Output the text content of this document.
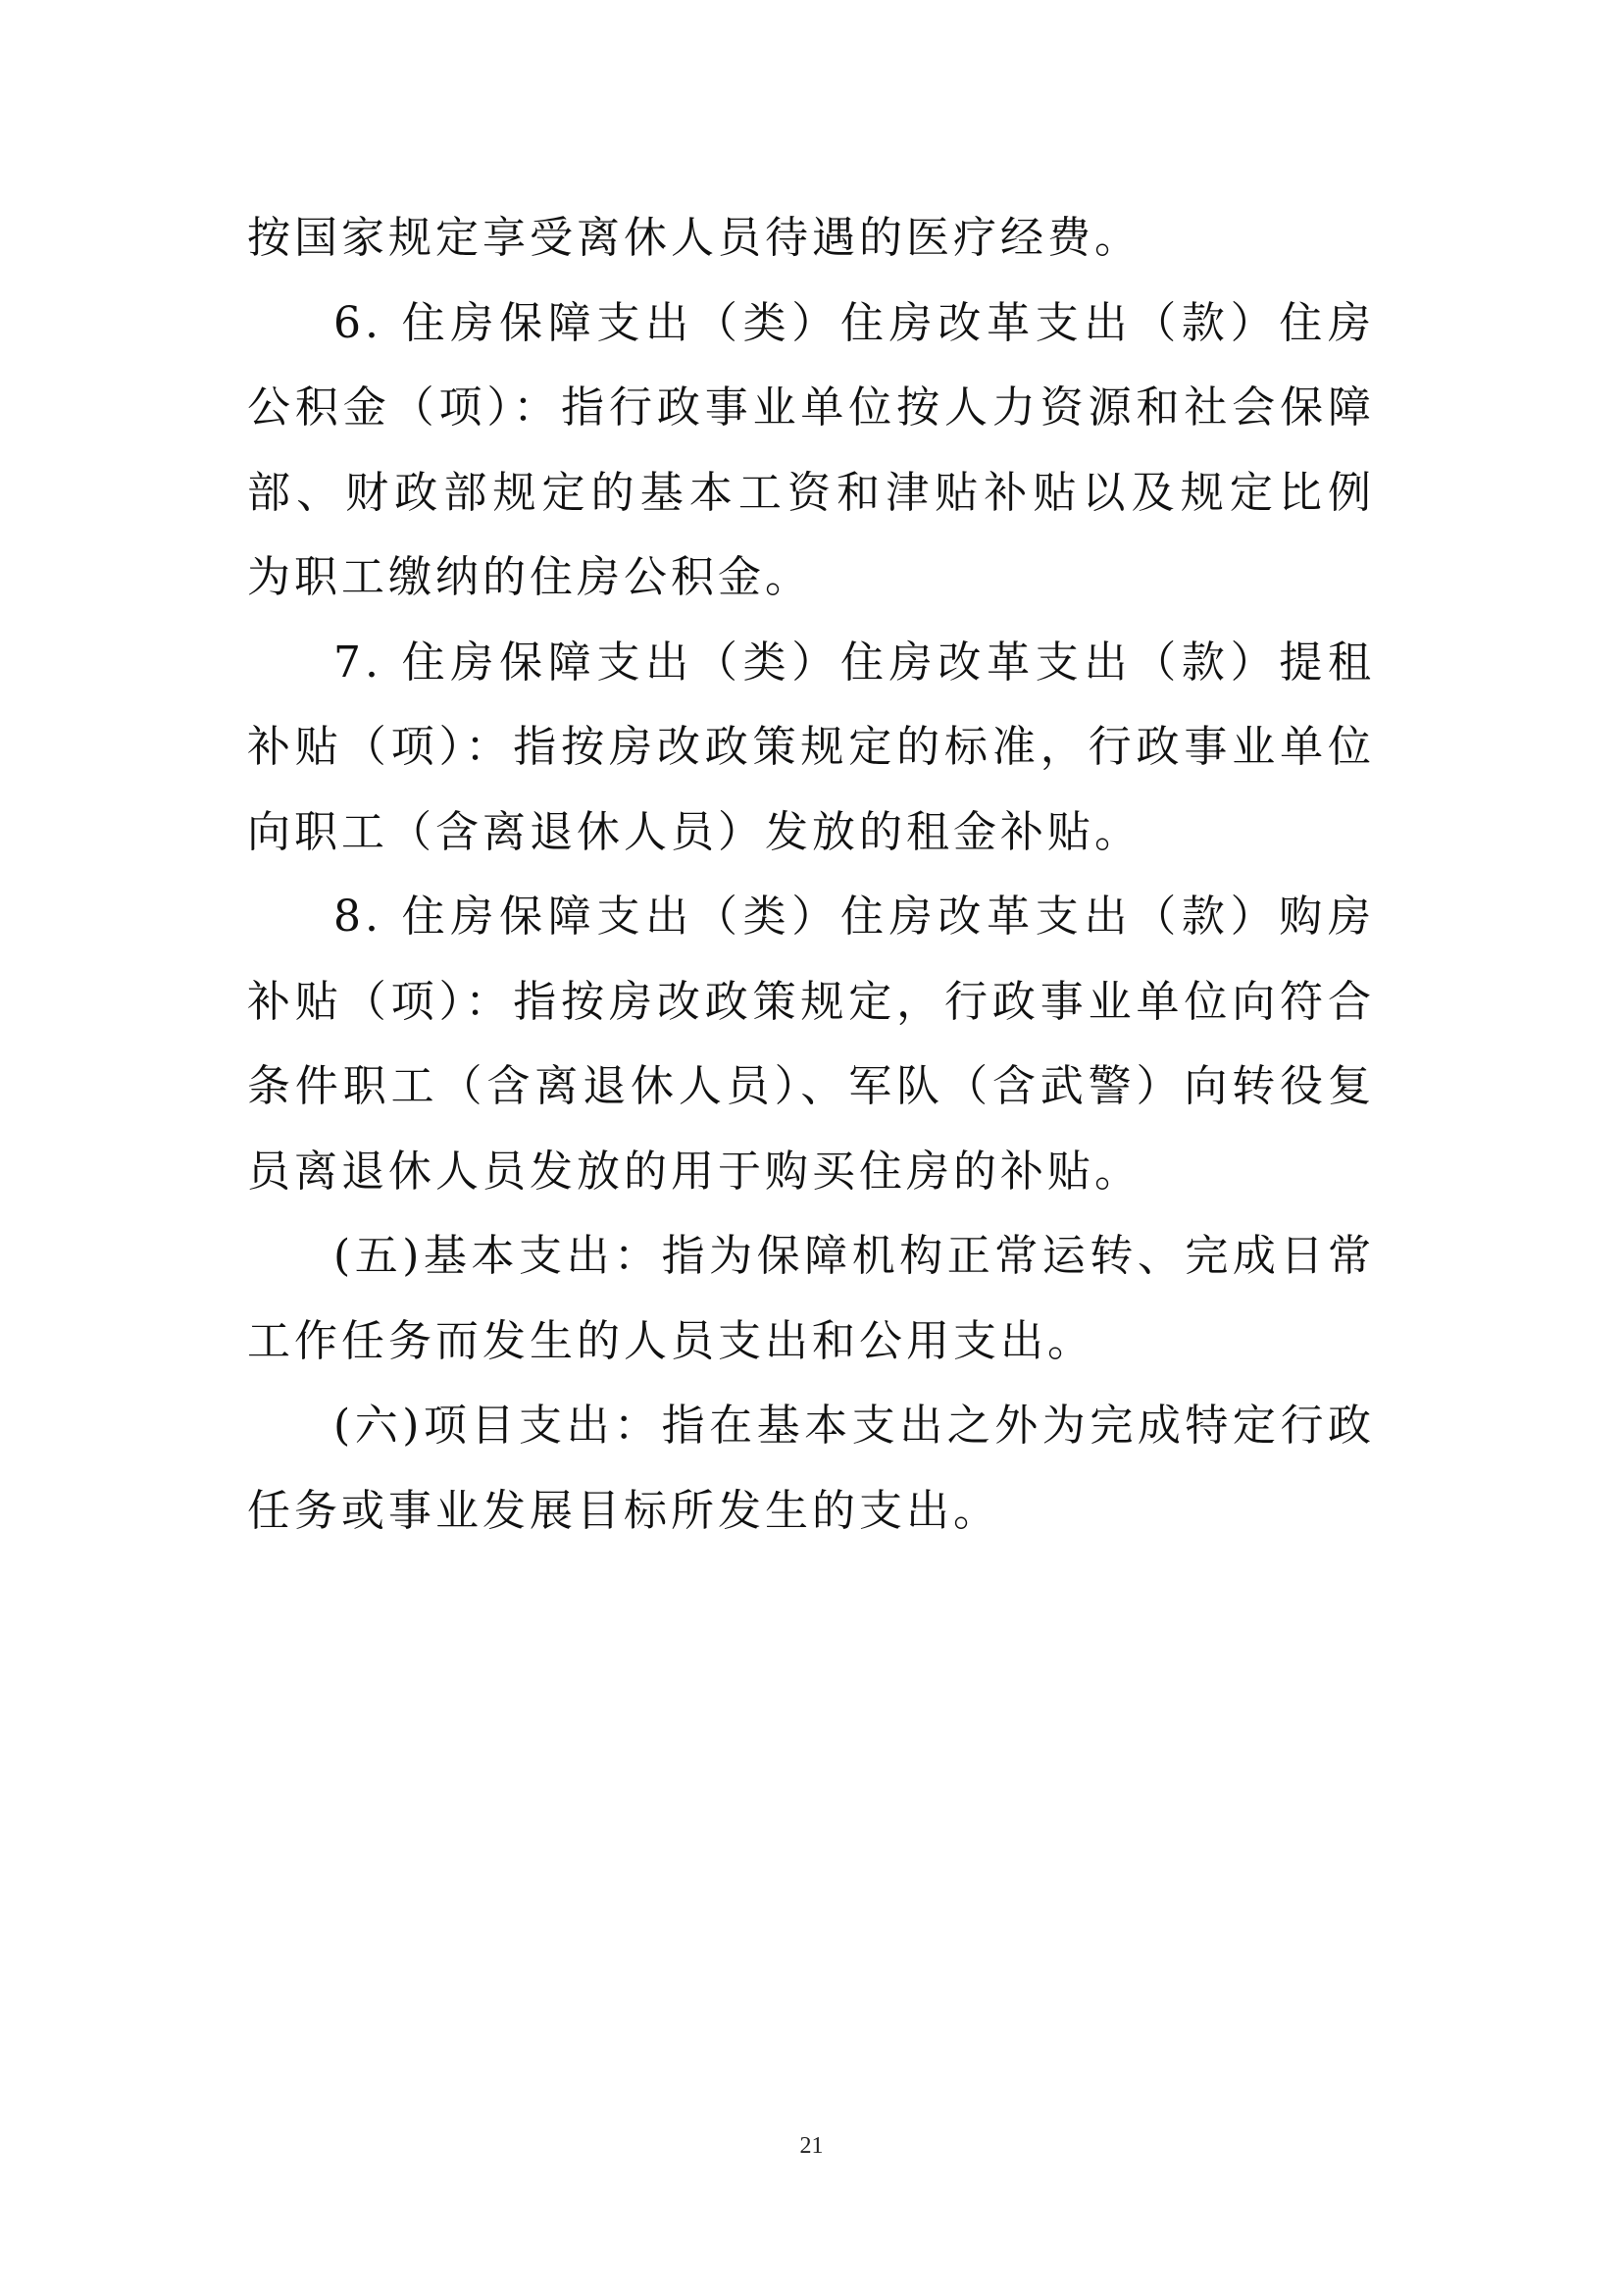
按国家规定享受离休人员待遇的医疗经费。

6. 住房保障支出（类）住房改革支出（款）住房公积金（项）：指行政事业单位按人力资源和社会保障部、财政部规定的基本工资和津贴补贴以及规定比例为职工缴纳的住房公积金。

7. 住房保障支出（类）住房改革支出（款）提租补贴（项）：指按房改政策规定的标准，行政事业单位向职工（含离退休人员）发放的租金补贴。

8. 住房保障支出（类）住房改革支出（款）购房补贴（项）：指按房改政策规定，行政事业单位向符合条件职工（含离退休人员）、军队（含武警）向转役复员离退休人员发放的用于购买住房的补贴。

(五)基本支出：指为保障机构正常运转、完成日常工作任务而发生的人员支出和公用支出。

(六)项目支出：指在基本支出之外为完成特定行政任务或事业发展目标所发生的支出。

21
